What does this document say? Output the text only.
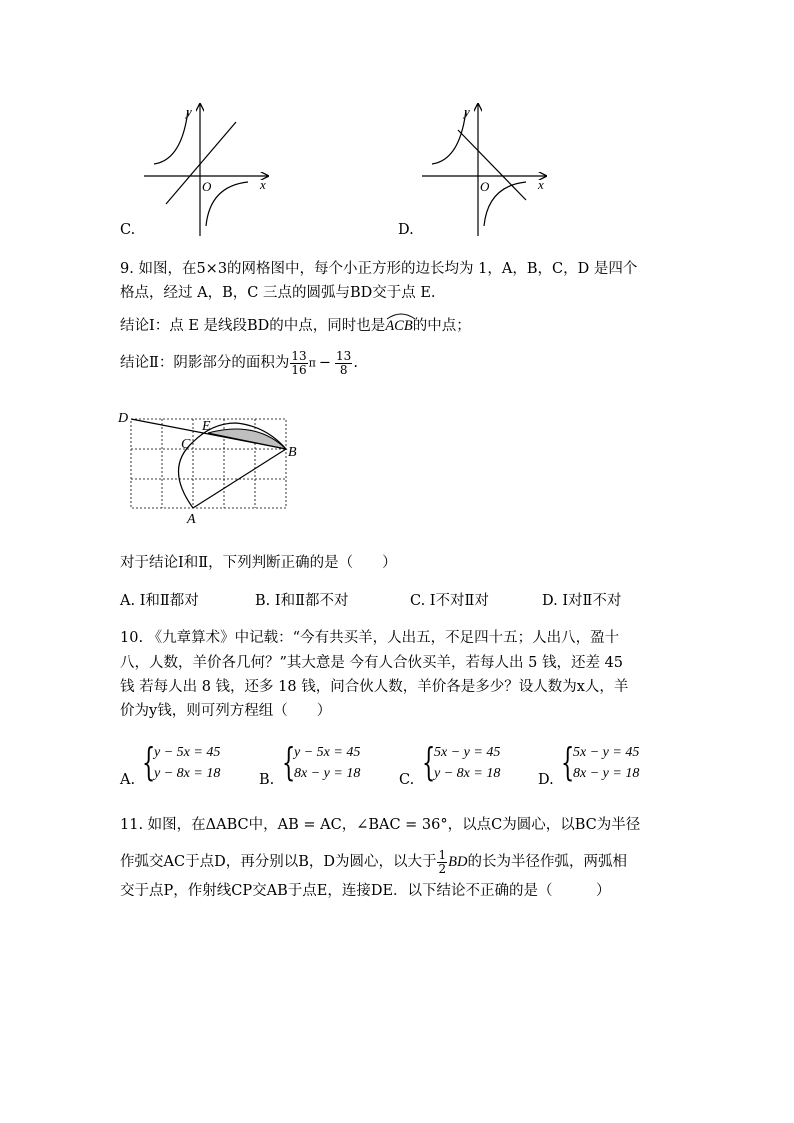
O	x
y
C.
O	x
y
D.
9. 如图，在5×3的网格图中，每个小正方形的边长均为 1，A，B，C，D 是四个
格点，经过 A，B，C 三点的圆弧与BD交于点 E.
结论Ⅰ：点 E 是线段BD的中点，同时也是ACB
的中点；
结论Ⅱ：阴影部分的面积为 $\frac{13}{16}$ $\pi - \frac{13}{8}$ .
D
E
C
B
A
对于结论Ⅰ和Ⅱ，下列判断正确的是（　　）
A. Ⅰ和Ⅱ都对	B. Ⅰ和Ⅱ都不对	C. Ⅰ不对Ⅱ对	D. Ⅰ对Ⅱ不对
10. 《九章算术》中记载：“今有共买羊，人出五，不足四十五；人出八，盈十
八，人数，羊价各几何？”其大意是 今有人合伙买羊，若每人出 5 钱，还差 45
钱 若每人出 8 钱，还多 18 钱，问合伙人数，羊价各是多少？设人数为x人，羊
价为y钱，则可列方程组（　　）
A. {
y − 5x = 45
y − 8x = 18	B. {
y − 5x = 45
8x − y = 18	C. {
5x − y = 45
y − 8x = 18	D. {
5x − y = 45
8x − y = 18
11. 如图，在ΔABC中，AB = AC，∠BAC = 36°，以点C为圆心，以BC为半径
作弧交AC于点D，再分别以B，D为圆心，以大于 $\frac{1}{2}$ BD的长为半径作弧，两弧相
交于点P，作射线CP交AB于点E，连接DE．以下结论不正确的是（　　　）
